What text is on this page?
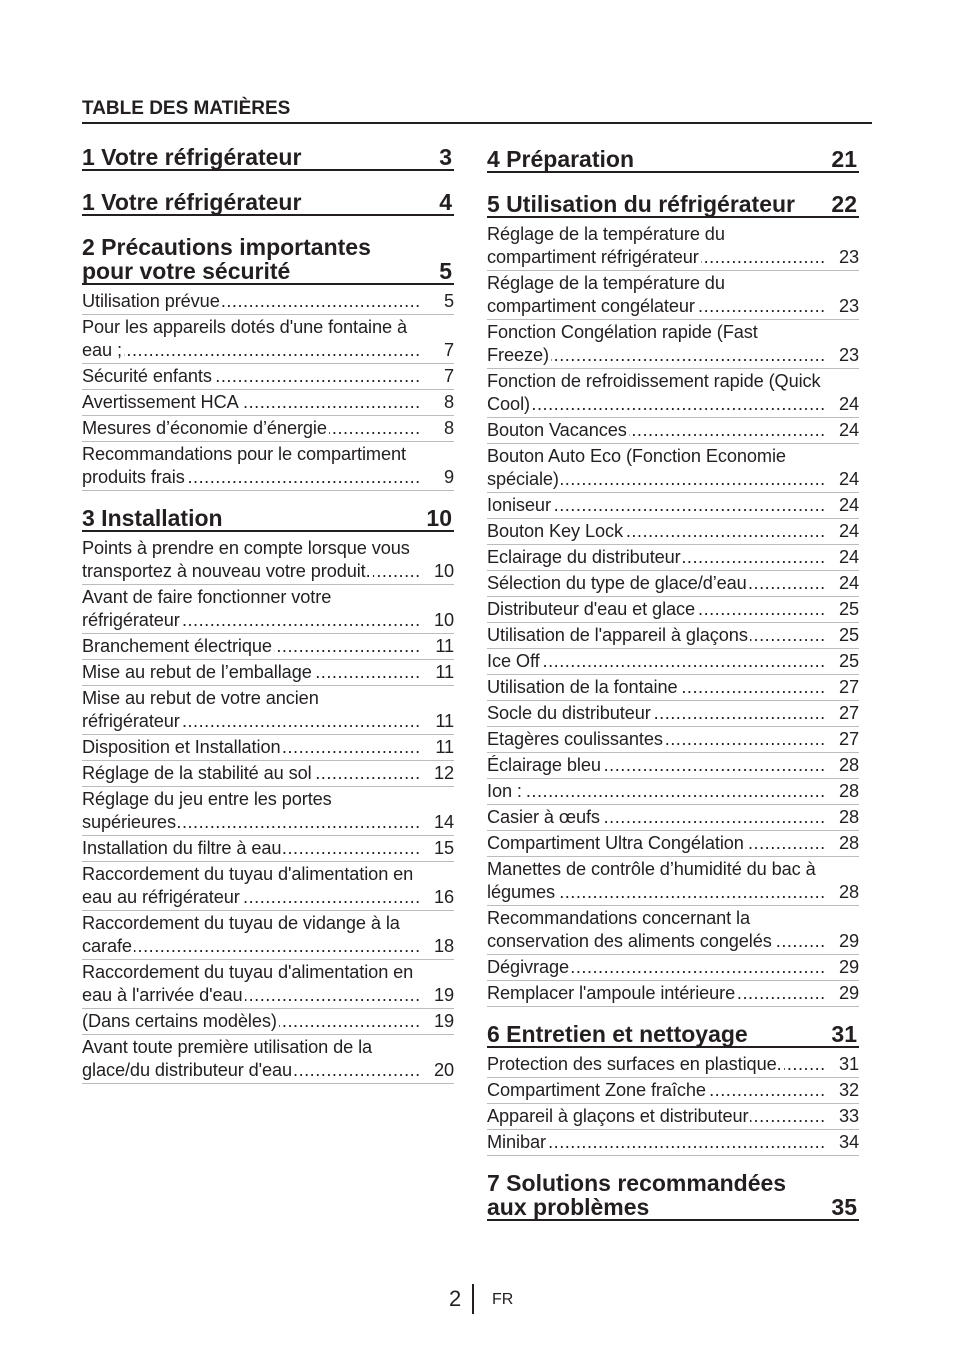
TABLE DES MATIÈRES
1 Votre réfrigérateur	3
1 Votre réfrigérateur	4
2 Précautions importantes pour votre sécurité	5
Utilisation prévue .....	5
Pour les appareils dotés d'une fontaine à eau ; .....	7
Sécurité enfants .....	7
Avertissement HCA .....	8
Mesures d’économie d’énergie .....	8
Recommandations pour le compartiment produits frais .....	9
3 Installation	10
Points à prendre en compte lorsque vous transportez à nouveau votre produit. .....	10
Avant de faire fonctionner votre réfrigérateur .....	10
Branchement électrique .....	11
Mise au rebut de l’emballage .....	11
Mise au rebut de votre ancien réfrigérateur .....	11
Disposition et Installation .....	11
Réglage de la stabilité au sol .....	12
Réglage du jeu entre les portes supérieures .....	14
Installation du filtre à eau .....	15
Raccordement du tuyau d'alimentation en eau au réfrigérateur .....	16
Raccordement du tuyau de vidange à la carafe .....	18
Raccordement du tuyau d'alimentation en eau à l'arrivée d'eau .....	19
(Dans certains modèles) .....	19
Avant toute première utilisation de la glace/du distributeur d'eau .....	20
4 Préparation	21
5 Utilisation du réfrigérateur	22
Réglage de la température du compartiment réfrigérateur .....	23
Réglage de la température du compartiment congélateur .....	23
Fonction Congélation rapide (Fast Freeze) .....	23
Fonction de refroidissement rapide (Quick Cool) .....	24
Bouton Vacances .....	24
Bouton Auto Eco (Fonction Economie spéciale) .....	24
Ioniseur .....	24
Bouton Key Lock .....	24
Eclairage du distributeur .....	24
Sélection du type de glace/d’eau .....	24
Distributeur d'eau et glace .....	25
Utilisation de l'appareil à glaçons .....	25
Ice Off .....	25
Utilisation de la fontaine .....	27
Socle du distributeur .....	27
Etagères coulissantes .....	27
Éclairage bleu .....	28
Ion : .....	28
Casier à œufs .....	28
Compartiment Ultra Congélation .....	28
Manettes de contrôle d’humidité du bac à légumes .....	28
Recommandations concernant la conservation des aliments congelés .....	29
Dégivrage .....	29
Remplacer l'ampoule intérieure .....	29
6 Entretien et nettoyage	31
Protection des surfaces en plastique. .....	31
Compartiment Zone fraîche .....	32
Appareil à glaçons et distributeur .....	33
Minibar .....	34
7 Solutions recommandées aux problèmes	35
2 FR
